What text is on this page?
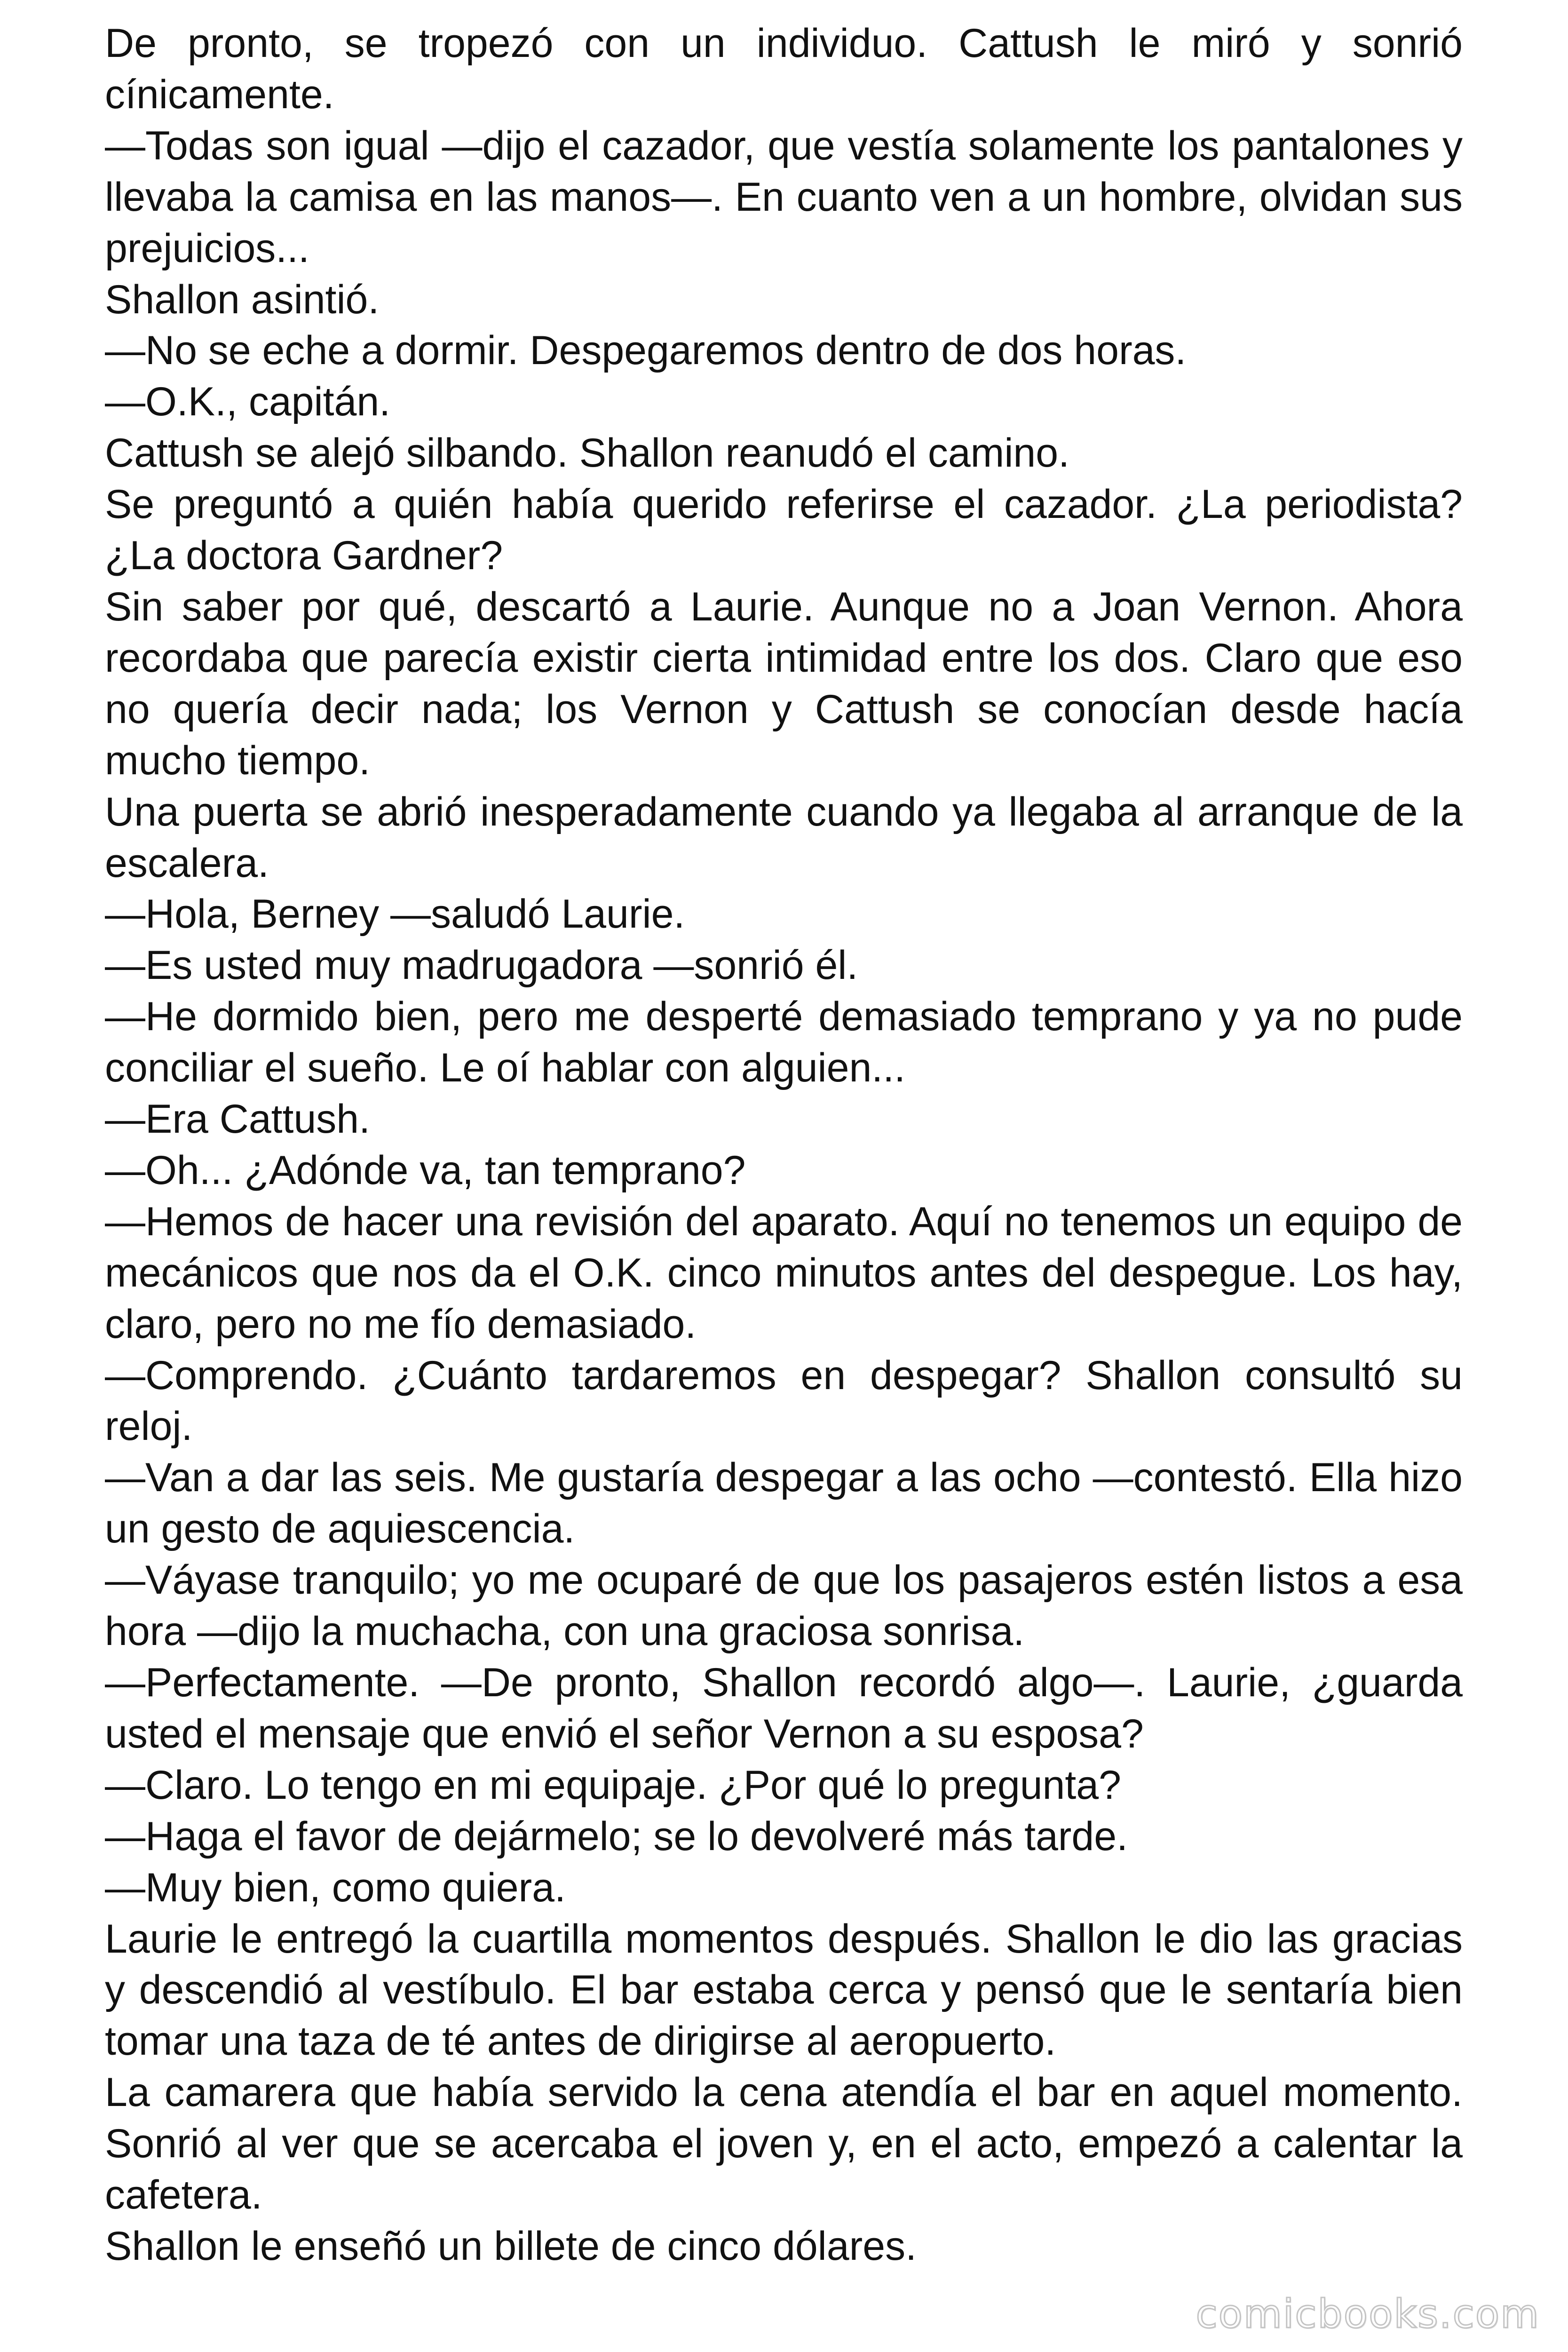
De pronto, se tropezó con un individuo. Cattush le miró y sonrió cínicamente.

—Todas son igual —dijo el cazador, que vestía solamente los pantalones y llevaba la camisa en las manos—. En cuanto ven a un hombre, olvidan sus prejuicios...

Shallon asintió.

—No se eche a dormir. Despegaremos dentro de dos horas.

—O.K., capitán.

Cattush se alejó silbando. Shallon reanudó el camino.

Se preguntó a quién había querido referirse el cazador. ¿La periodista? ¿La doctora Gardner?

Sin saber por qué, descartó a Laurie. Aunque no a Joan Vernon. Ahora recordaba que parecía existir cierta intimidad entre los dos. Claro que eso no quería decir nada; los Vernon y Cattush se conocían desde hacía mucho tiempo.

Una puerta se abrió inesperadamente cuando ya llegaba al arranque de la escalera.

—Hola, Berney —saludó Laurie.

—Es usted muy madrugadora —sonrió él.

—He dormido bien, pero me desperté demasiado temprano y ya no pude conciliar el sueño. Le oí hablar con alguien...

—Era Cattush.

—Oh... ¿Adónde va, tan temprano?

—Hemos de hacer una revisión del aparato. Aquí no tenemos un equipo de mecánicos que nos da el O.K. cinco minutos antes del despegue. Los hay, claro, pero no me fío demasiado.

—Comprendo. ¿Cuánto tardaremos en despegar? Shallon consultó su reloj.

—Van a dar las seis. Me gustaría despegar a las ocho —contestó. Ella hizo un gesto de aquiescencia.

—Váyase tranquilo; yo me ocuparé de que los pasajeros estén listos a esa hora —dijo la muchacha, con una graciosa sonrisa.

—Perfectamente. —De pronto, Shallon recordó algo—. Laurie, ¿guarda usted el mensaje que envió el señor Vernon a su esposa?

—Claro. Lo tengo en mi equipaje. ¿Por qué lo pregunta?

—Haga el favor de dejármelo; se lo devolveré más tarde.

—Muy bien, como quiera.

Laurie le entregó la cuartilla momentos después. Shallon le dio las gracias y descendió al vestíbulo. El bar estaba cerca y pensó que le sentaría bien tomar una taza de té antes de dirigirse al aeropuerto.

La camarera que había servido la cena atendía el bar en aquel momento. Sonrió al ver que se acercaba el joven y, en el acto, empezó a calentar la cafetera.

Shallon le enseñó un billete de cinco dólares.

comicbooks.com
